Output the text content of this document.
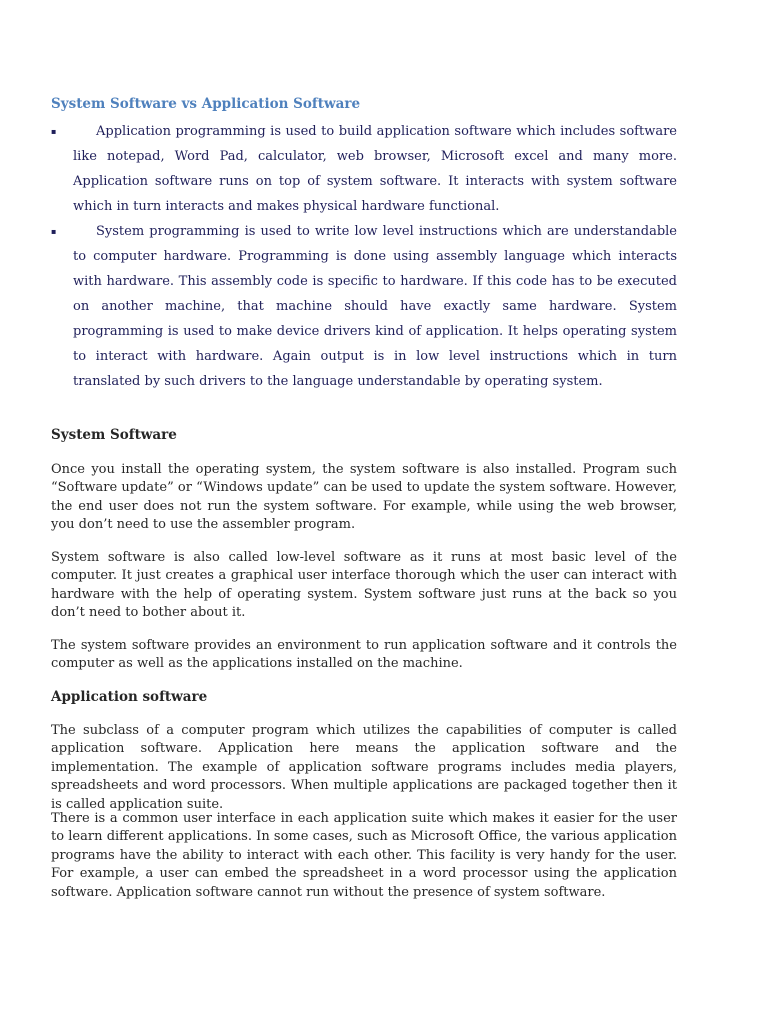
System Software vs Application Software
▪	Application programming is used to build application software which includes software like notepad, Word Pad, calculator, web browser, Microsoft excel and many more. Application software runs on top of system software. It interacts with system software which in turn interacts and makes physical hardware functional.
▪	System programming is used to write low level instructions which are understandable to computer hardware. Programming is done using assembly language which interacts with hardware. This assembly code is specific to hardware. If this code has to be executed on another machine, that machine should have exactly same hardware. System programming is used to make device drivers kind of application. It helps operating system to interact with hardware. Again output is in low level instructions which in turn translated by such drivers to the language understandable by operating system.
System Software

Once you install the operating system, the system software is also installed. Program such “Software update” or “Windows update” can be used to update the system software. However, the end user does not run the system software. For example, while using the web browser, you don’t need to use the assembler program.

System software is also called low-level software as it runs at most basic level of the computer. It just creates a graphical user interface thorough which the user can interact with hardware with the help of operating system. System software just runs at the back so you don’t need to bother about it.

The system software provides an environment to run application software and it controls the computer as well as the applications installed on the machine.

Application software

The subclass of a computer program which utilizes the capabilities of computer is called application software. Application here means the application software and the implementation. The example of application software programs includes media players, spreadsheets and word processors. When multiple applications are packaged together then it is called application suite.

There is a common user interface in each application suite which makes it easier for the user to learn different applications. In some cases, such as Microsoft Office, the various application programs have the ability to interact with each other. This facility is very handy for the user. For example, a user can embed the spreadsheet in a word processor using the application software. Application software cannot run without the presence of system software.
